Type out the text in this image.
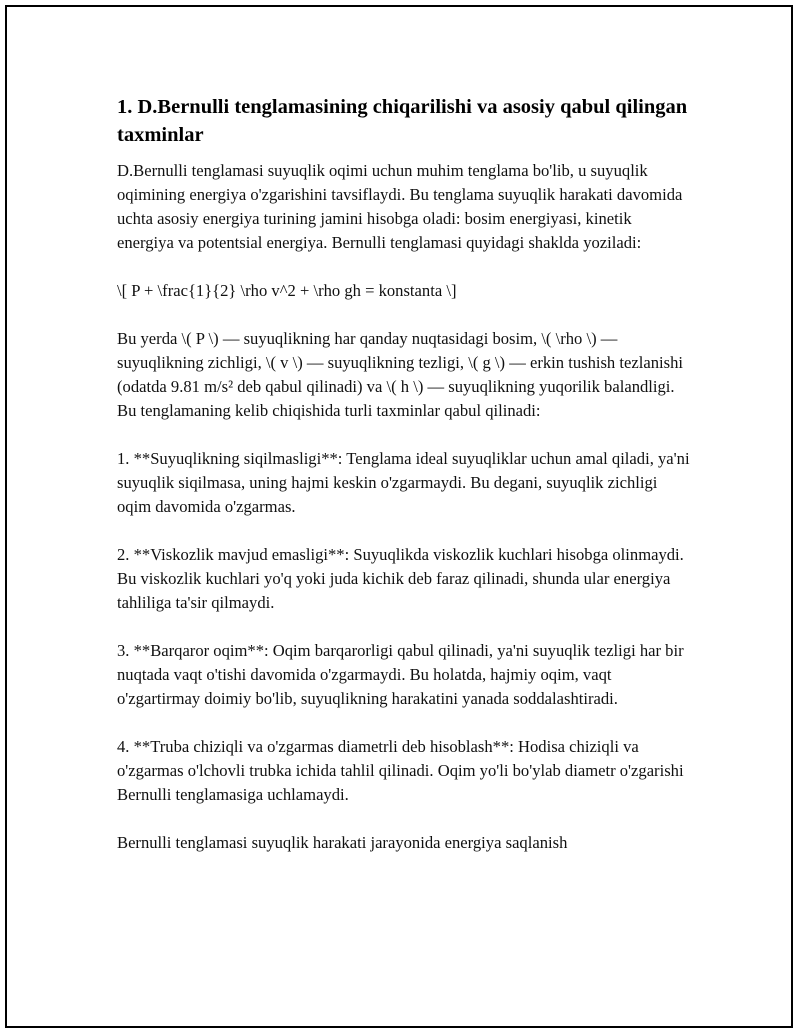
1. D.Bernulli tenglamasining chiqarilishi va asosiy qabul qilingan taxminlar

D.Bernulli tenglamasi suyuqlik oqimi uchun muhim tenglama bo'lib, u suyuqlik oqimining energiya o'zgarishini tavsiflaydi. Bu tenglama suyuqlik harakati davomida uchta asosiy energiya turining jamini hisobga oladi: bosim energiyasi, kinetik energiya va potentsial energiya. Bernulli tenglamasi quyidagi shaklda yoziladi:

\[ P + \frac{1}{2} \rho v^2 + \rho gh = konstanta \]

Bu yerda \( P \) — suyuqlikning har qanday nuqtasidagi bosim, \( \rho \) — suyuqlikning zichligi, \( v \) — suyuqlikning tezligi, \( g \) — erkin tushish tezlanishi (odatda 9.81 m/s² deb qabul qilinadi) va \( h \) — suyuqlikning yuqorilik balandligi. Bu tenglamaning kelib chiqishida turli taxminlar qabul qilinadi:

1. **Suyuqlikning siqilmasligi**: Tenglama ideal suyuqliklar uchun amal qiladi, ya'ni suyuqlik siqilmasa, uning hajmi keskin o'zgarmaydi. Bu degani, suyuqlik zichligi oqim davomida o'zgarmas.

2. **Viskozlik mavjud emasligi**: Suyuqlikda viskozlik kuchlari hisobga olinmaydi. Bu viskozlik kuchlari yo'q yoki juda kichik deb faraz qilinadi, shunda ular energiya tahliliga ta'sir qilmaydi.

3. **Barqaror oqim**: Oqim barqarorligi qabul qilinadi, ya'ni suyuqlik tezligi har bir nuqtada vaqt o'tishi davomida o'zgarmaydi. Bu holatda, hajmiy oqim, vaqt o'zgartirmay doimiy bo'lib, suyuqlikning harakatini yanada soddalashtiradi.

4. **Truba chiziqli va o'zgarmas diametrli deb hisoblash**: Hodisa chiziqli va o'zgarmas o'lchovli trubka ichida tahlil qilinadi. Oqim yo'li bo'ylab diametr o'zgarishi Bernulli tenglamasiga uchlamaydi.

Bernulli tenglamasi suyuqlik harakati jarayonida energiya saqlanish
